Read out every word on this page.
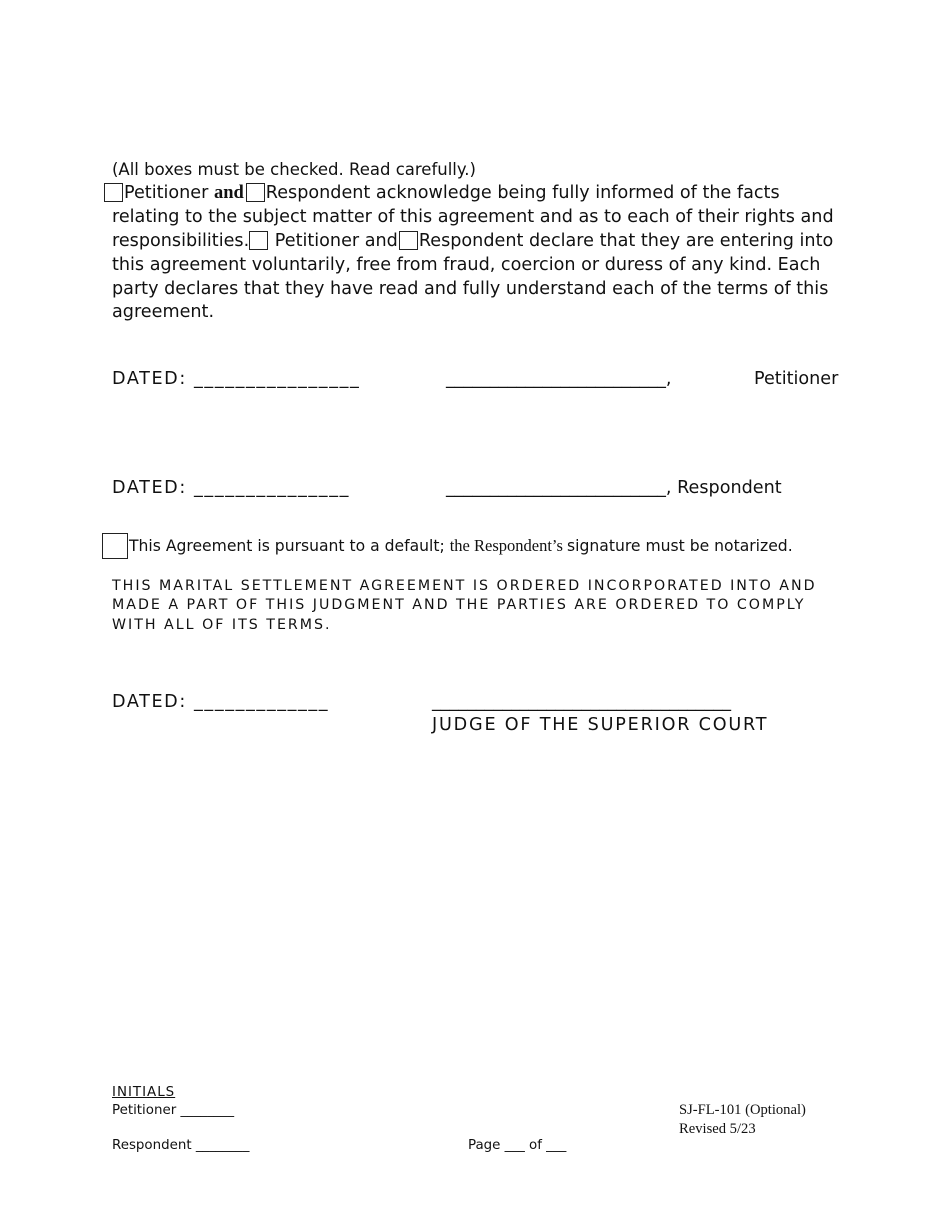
(All boxes must be checked. Read carefully.)
Petitioner and Respondent acknowledge being fully informed of the facts
relating to the subject matter of this agreement and as to each of their rights and
responsibilities. Petitioner and Respondent declare that they are entering into
this agreement voluntarily, free from fraud, coercion or duress of any kind. Each
party declares that they have read and fully understand each of the terms of this
agreement.
DATED: ________________	_________________________,	Petitioner
DATED: _______________	_________________________, Respondent
This Agreement is pursuant to a default; the Respondent’s signature must be notarized.
THIS MARITAL SETTLEMENT AGREEMENT IS ORDERED INCORPORATED INTO AND
MADE A PART OF THIS JUDGMENT AND THE PARTIES ARE ORDERED TO COMPLY
WITH ALL OF ITS TERMS.
DATED: _____________	__________________________________
JUDGE OF THE SUPERIOR COURT
INITIALS
Petitioner ________
Respondent ________	Page ___ of ___
SJ-FL-101 (Optional)
Revised 5/23
